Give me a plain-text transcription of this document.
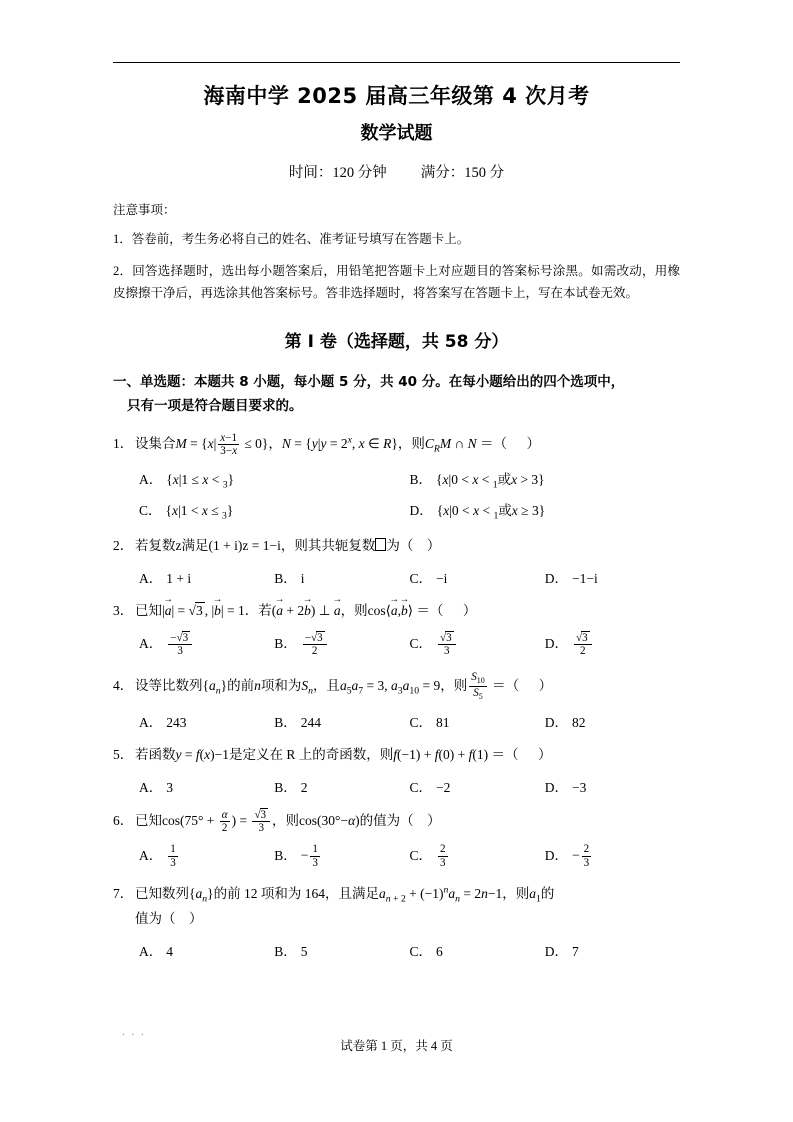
海南中学 2025 届高三年级第 4 次月考
数学试题
时间：120 分钟 满分：150 分
注意事项：
1．答卷前，考生务必将自己的姓名、准考证号填写在答题卡上。
2．回答选择题时，选出每小题答案后，用铅笔把答题卡上对应题目的答案标号涂黑。如需改动，用橡皮擦擦干净后，再选涂其他答案标号。答非选择题时，将答案写在答题卡上，写在本试卷无效。
第 I 卷（选择题，共 58 分）
一、单选题：本题共 8 小题，每小题 5 分，共 40 分。在每小题给出的四个选项中，
只有一项是符合题目要求的。
1． 设集合$M = \{x| \frac{x-1}{3-x} \le 0\}$，$N = \{y|y = 2^x$, x ∈ R}，则$C_RM$ ∩ N ＝（　 ）
A． {x|1 ≤ x < $_3$}	B． {x|0 < x < $_1$或x > 3}
C． {x|1 < x ≤ $_3$}	D． {x|0 < x < $_1$或x ≥ 3}
2． 若复数z满足(1 + i)z = 1−i，则其共轭复数 为（　）
A． 1 + i	B． i	C． −i	D． −1−i
3． 已知|a →| = √3 , |b →| = 1．若(a → + 2b →) ⊥ a →，则cos⟨a →,b →⟩ ＝（　 ）
A． $\frac{-√3}{3}$	B． $\frac{-√3}{2}$	C． $\frac{√3}{3}$	D． $\frac{√3}{2}$
4． 设等比数列$\{a_n\}$的前n项和为$S_n$，且$a_5a_7 = 3$, $a_3a_{10} = 9$，则 $\frac{S_{10}}{S_5}$ ＝（　 ）
A． 243	B． 244	C． 81	D． 82
5． 若函数y = f(x)−1是定义在 R 上的奇函数，则f(−1) + f(0) + f(1) ＝（　 ）
A． 3	B． 2	C． −2	D． −3
6． 已知$\cos(75^\circ + \frac{\alpha}{2}$ ) = $\frac{√3}{3}$ ，则cos(30°−α)的值为（　）
A． $\frac{1}{3}$	B． − $\frac{1}{3}$	C． $\frac{2}{3}$	D． − $\frac{2}{3}$
7． 已知数列$\{a_n\}$的前 12 项和为 164，且满足$a_{n + 2} + (-1)^na_n = 2n-1$，则$a_1$的
值为（　）
A． 4	B． 5	C． 6	D． 7
. . .
试卷第 1 页，共 4 页
